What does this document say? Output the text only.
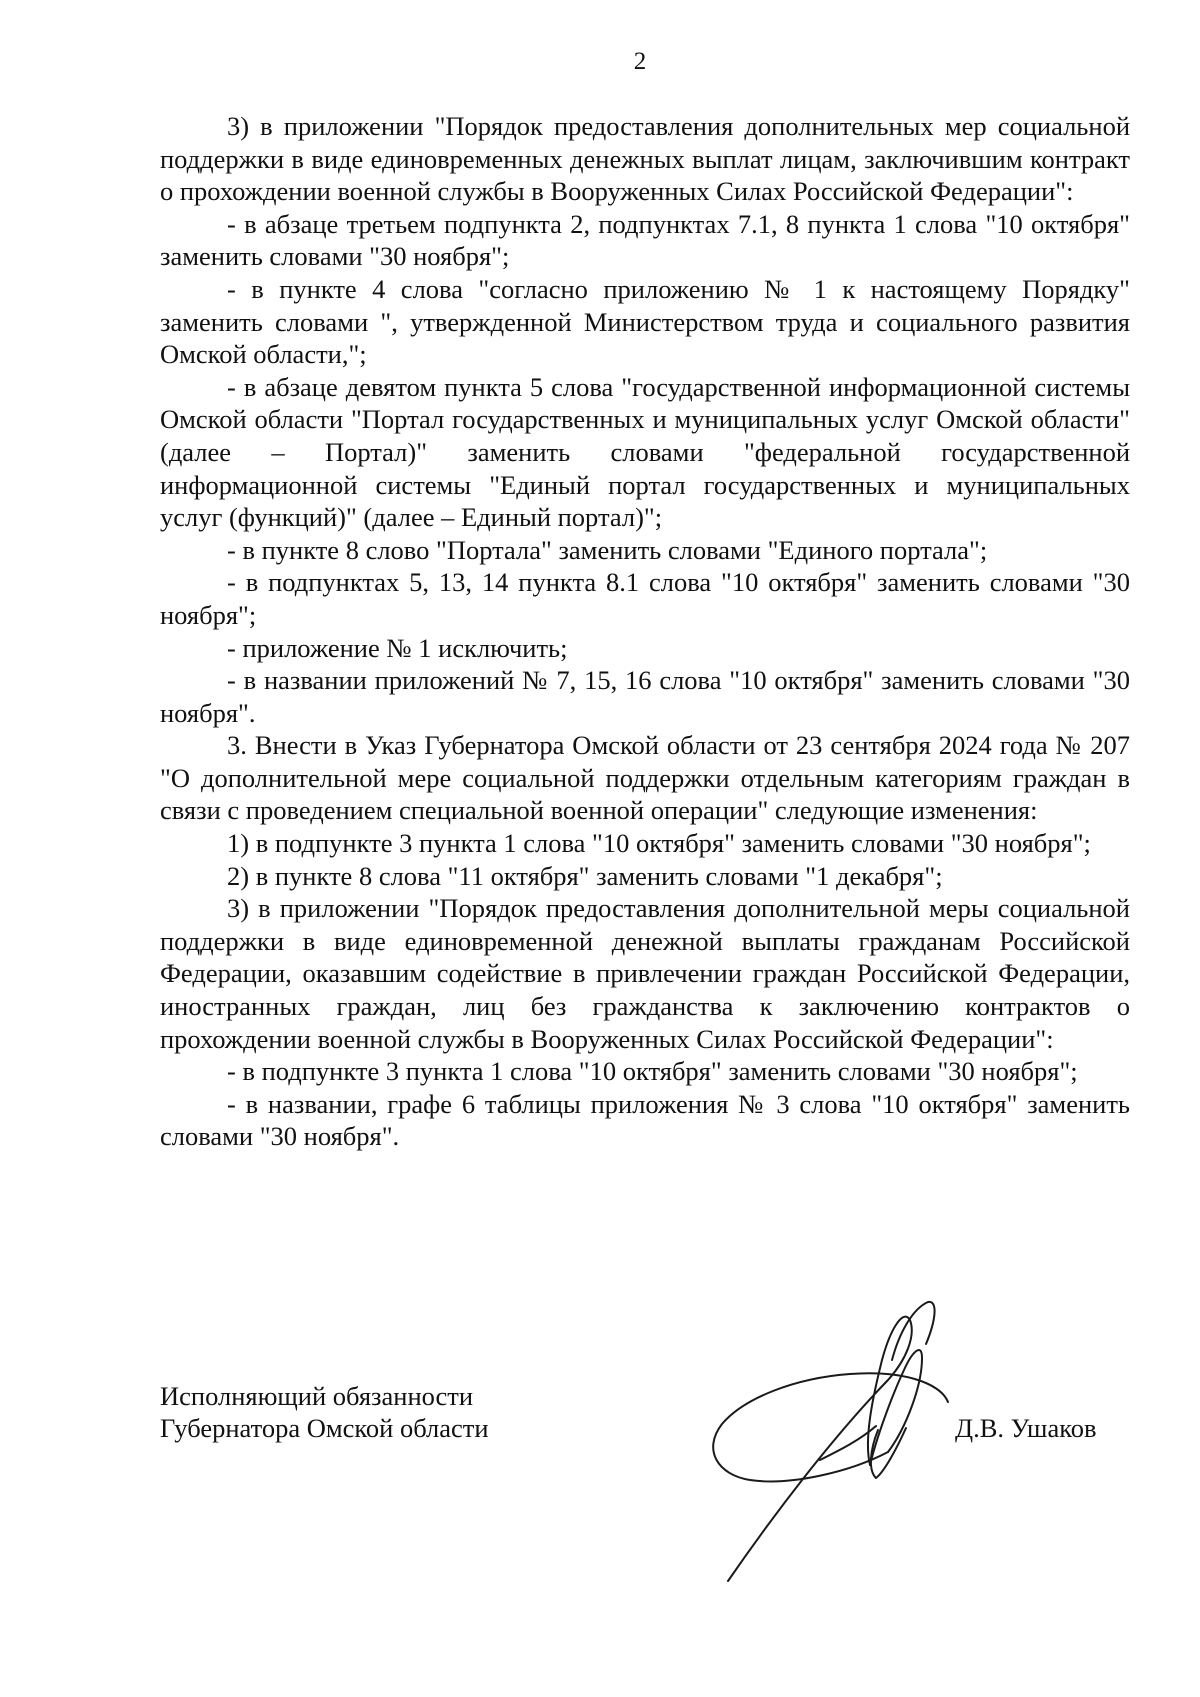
2

3) в приложении "Порядок предоставления дополнительных мер социальной поддержки в виде единовременных денежных выплат лицам, заключившим контракт о прохождении военной службы в Вооруженных Силах Российской Федерации":

- в абзаце третьем подпункта 2, подпунктах 7.1, 8 пункта 1 слова "10 октября" заменить словами "30 ноября";

- в пункте 4 слова "согласно приложению № 1 к настоящему Порядку" заменить словами ", утвержденной Министерством труда и социального развития Омской области,";

- в абзаце девятом пункта 5 слова "государственной информационной системы Омской области "Портал государственных и муниципальных услуг Омской области" (далее – Портал)" заменить словами "федеральной государственной информационной системы "Единый портал государственных и муниципальных услуг (функций)" (далее – Единый портал)";

- в пункте 8 слово "Портала" заменить словами "Единого портала";

- в подпунктах 5, 13, 14 пункта 8.1 слова "10 октября" заменить словами "30 ноября";

- приложение № 1 исключить;

- в названии приложений № 7, 15, 16 слова "10 октября" заменить словами "30 ноября".

3. Внести в Указ Губернатора Омской области от 23 сентября 2024 года № 207 "О дополнительной мере социальной поддержки отдельным категориям граждан в связи с проведением специальной военной операции" следующие изменения:

1) в подпункте 3 пункта 1 слова "10 октября" заменить словами "30 ноября";

2) в пункте 8 слова "11 октября" заменить словами "1 декабря";

3) в приложении "Порядок предоставления дополнительной меры социальной поддержки в виде единовременной денежной выплаты гражданам Российской Федерации, оказавшим содействие в привлечении граждан Российской Федерации, иностранных граждан, лиц без гражданства к заключению контрактов о прохождении военной службы в Вооруженных Силах Российской Федерации":

- в подпункте 3 пункта 1 слова "10 октября" заменить словами "30 ноября";

- в названии, графе 6 таблицы приложения № 3 слова "10 октября" заменить словами "30 ноября".

Исполняющий обязанности
Губернатора Омской области	Д.В. Ушаков
